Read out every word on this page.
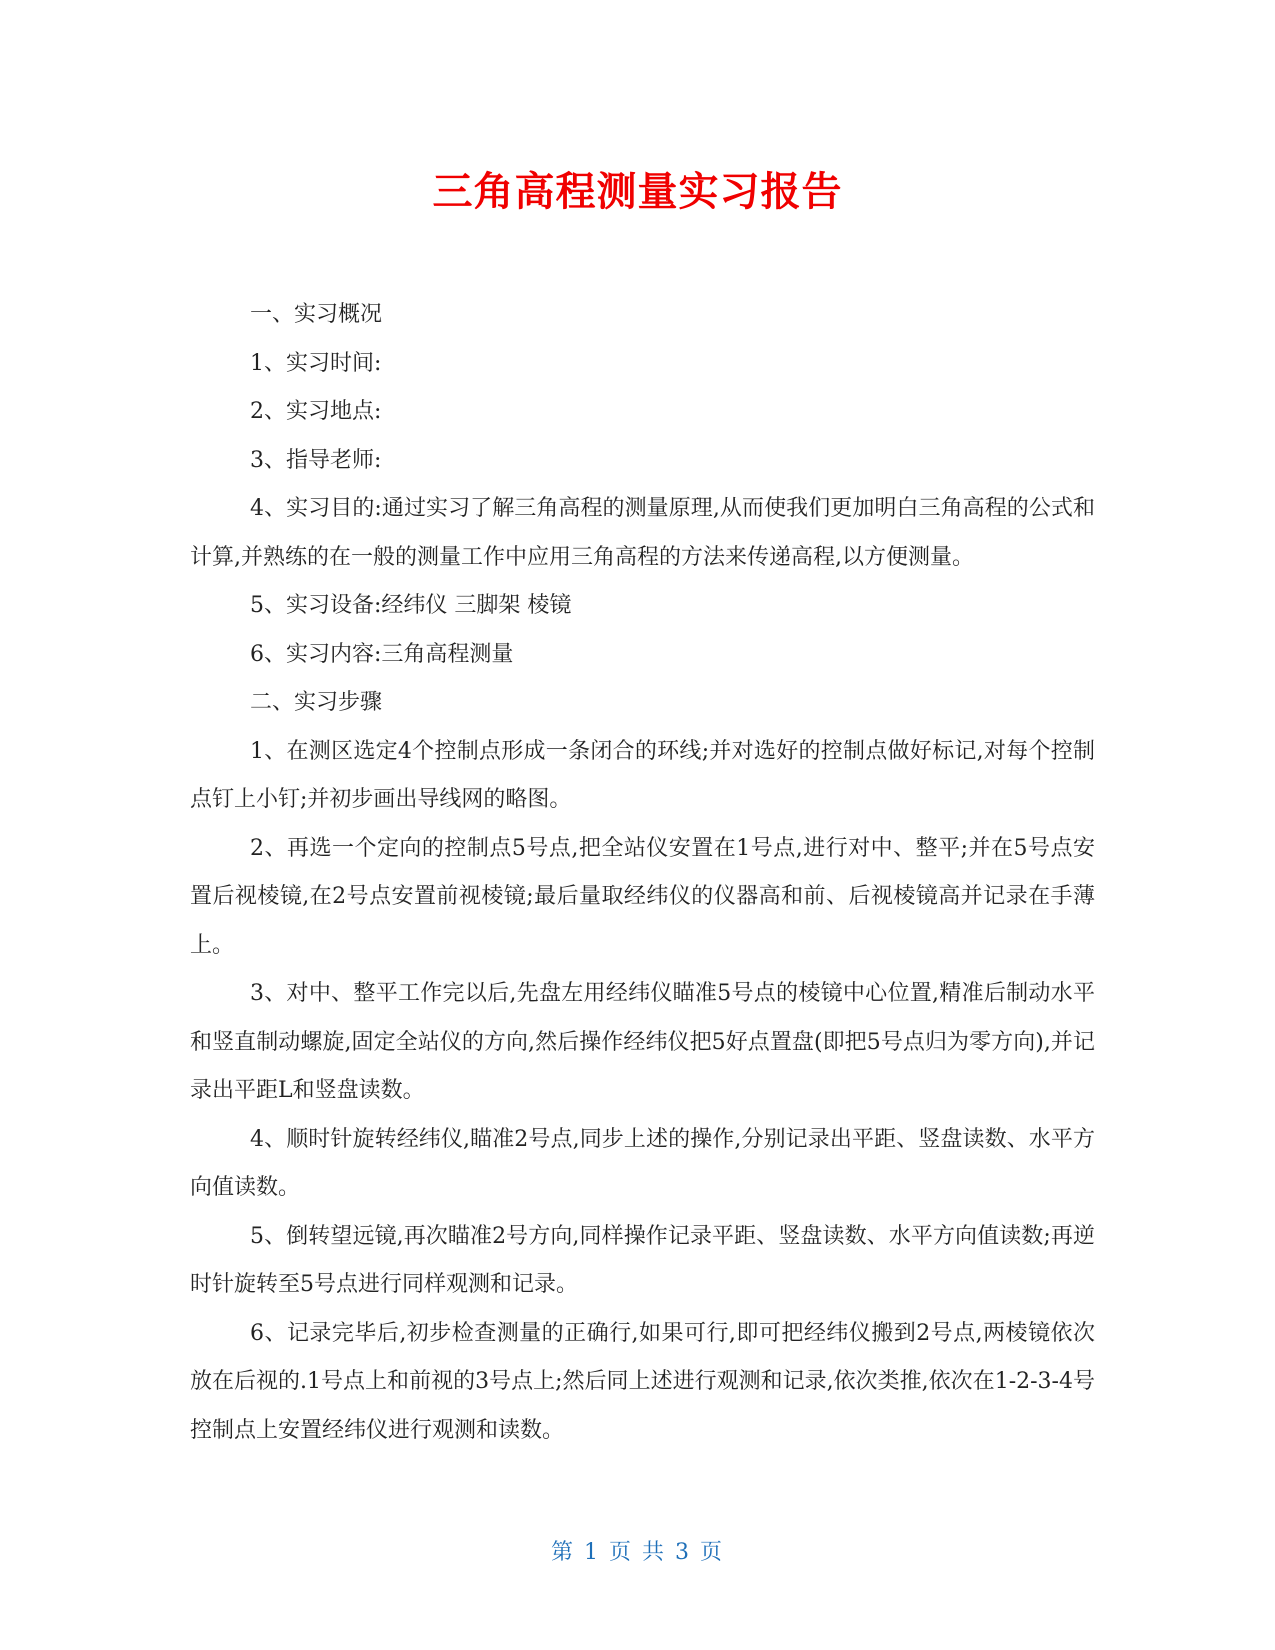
三角高程测量实习报告

一、实习概况

1、实习时间:

2、实习地点:

3、指导老师:

4、实习目的:通过实习了解三角高程的测量原理,从而使我们更加明白三角高程的公式和计算,并熟练的在一般的测量工作中应用三角高程的方法来传递高程,以方便测量。

5、实习设备:经纬仪 三脚架 棱镜

6、实习内容:三角高程测量

二、实习步骤

1、在测区选定4个控制点形成一条闭合的环线;并对选好的控制点做好标记,对每个控制点钉上小钉;并初步画出导线网的略图。

2、再选一个定向的控制点5号点,把全站仪安置在1号点,进行对中、整平;并在5号点安置后视棱镜,在2号点安置前视棱镜;最后量取经纬仪的仪器高和前、后视棱镜高并记录在手薄上。

3、对中、整平工作完以后,先盘左用经纬仪瞄准5号点的棱镜中心位置,精准后制动水平和竖直制动螺旋,固定全站仪的方向,然后操作经纬仪把5好点置盘(即把5号点归为零方向),并记录出平距L和竖盘读数。

4、顺时针旋转经纬仪,瞄准2号点,同步上述的操作,分别记录出平距、竖盘读数、水平方向值读数。

5、倒转望远镜,再次瞄准2号方向,同样操作记录平距、竖盘读数、水平方向值读数;再逆时针旋转至5号点进行同样观测和记录。

6、记录完毕后,初步检查测量的正确行,如果可行,即可把经纬仪搬到2号点,两棱镜依次放在后视的.1号点上和前视的3号点上;然后同上述进行观测和记录,依次类推,依次在1-2-3-4号控制点上安置经纬仪进行观测和读数。

第 1 页 共 3 页
